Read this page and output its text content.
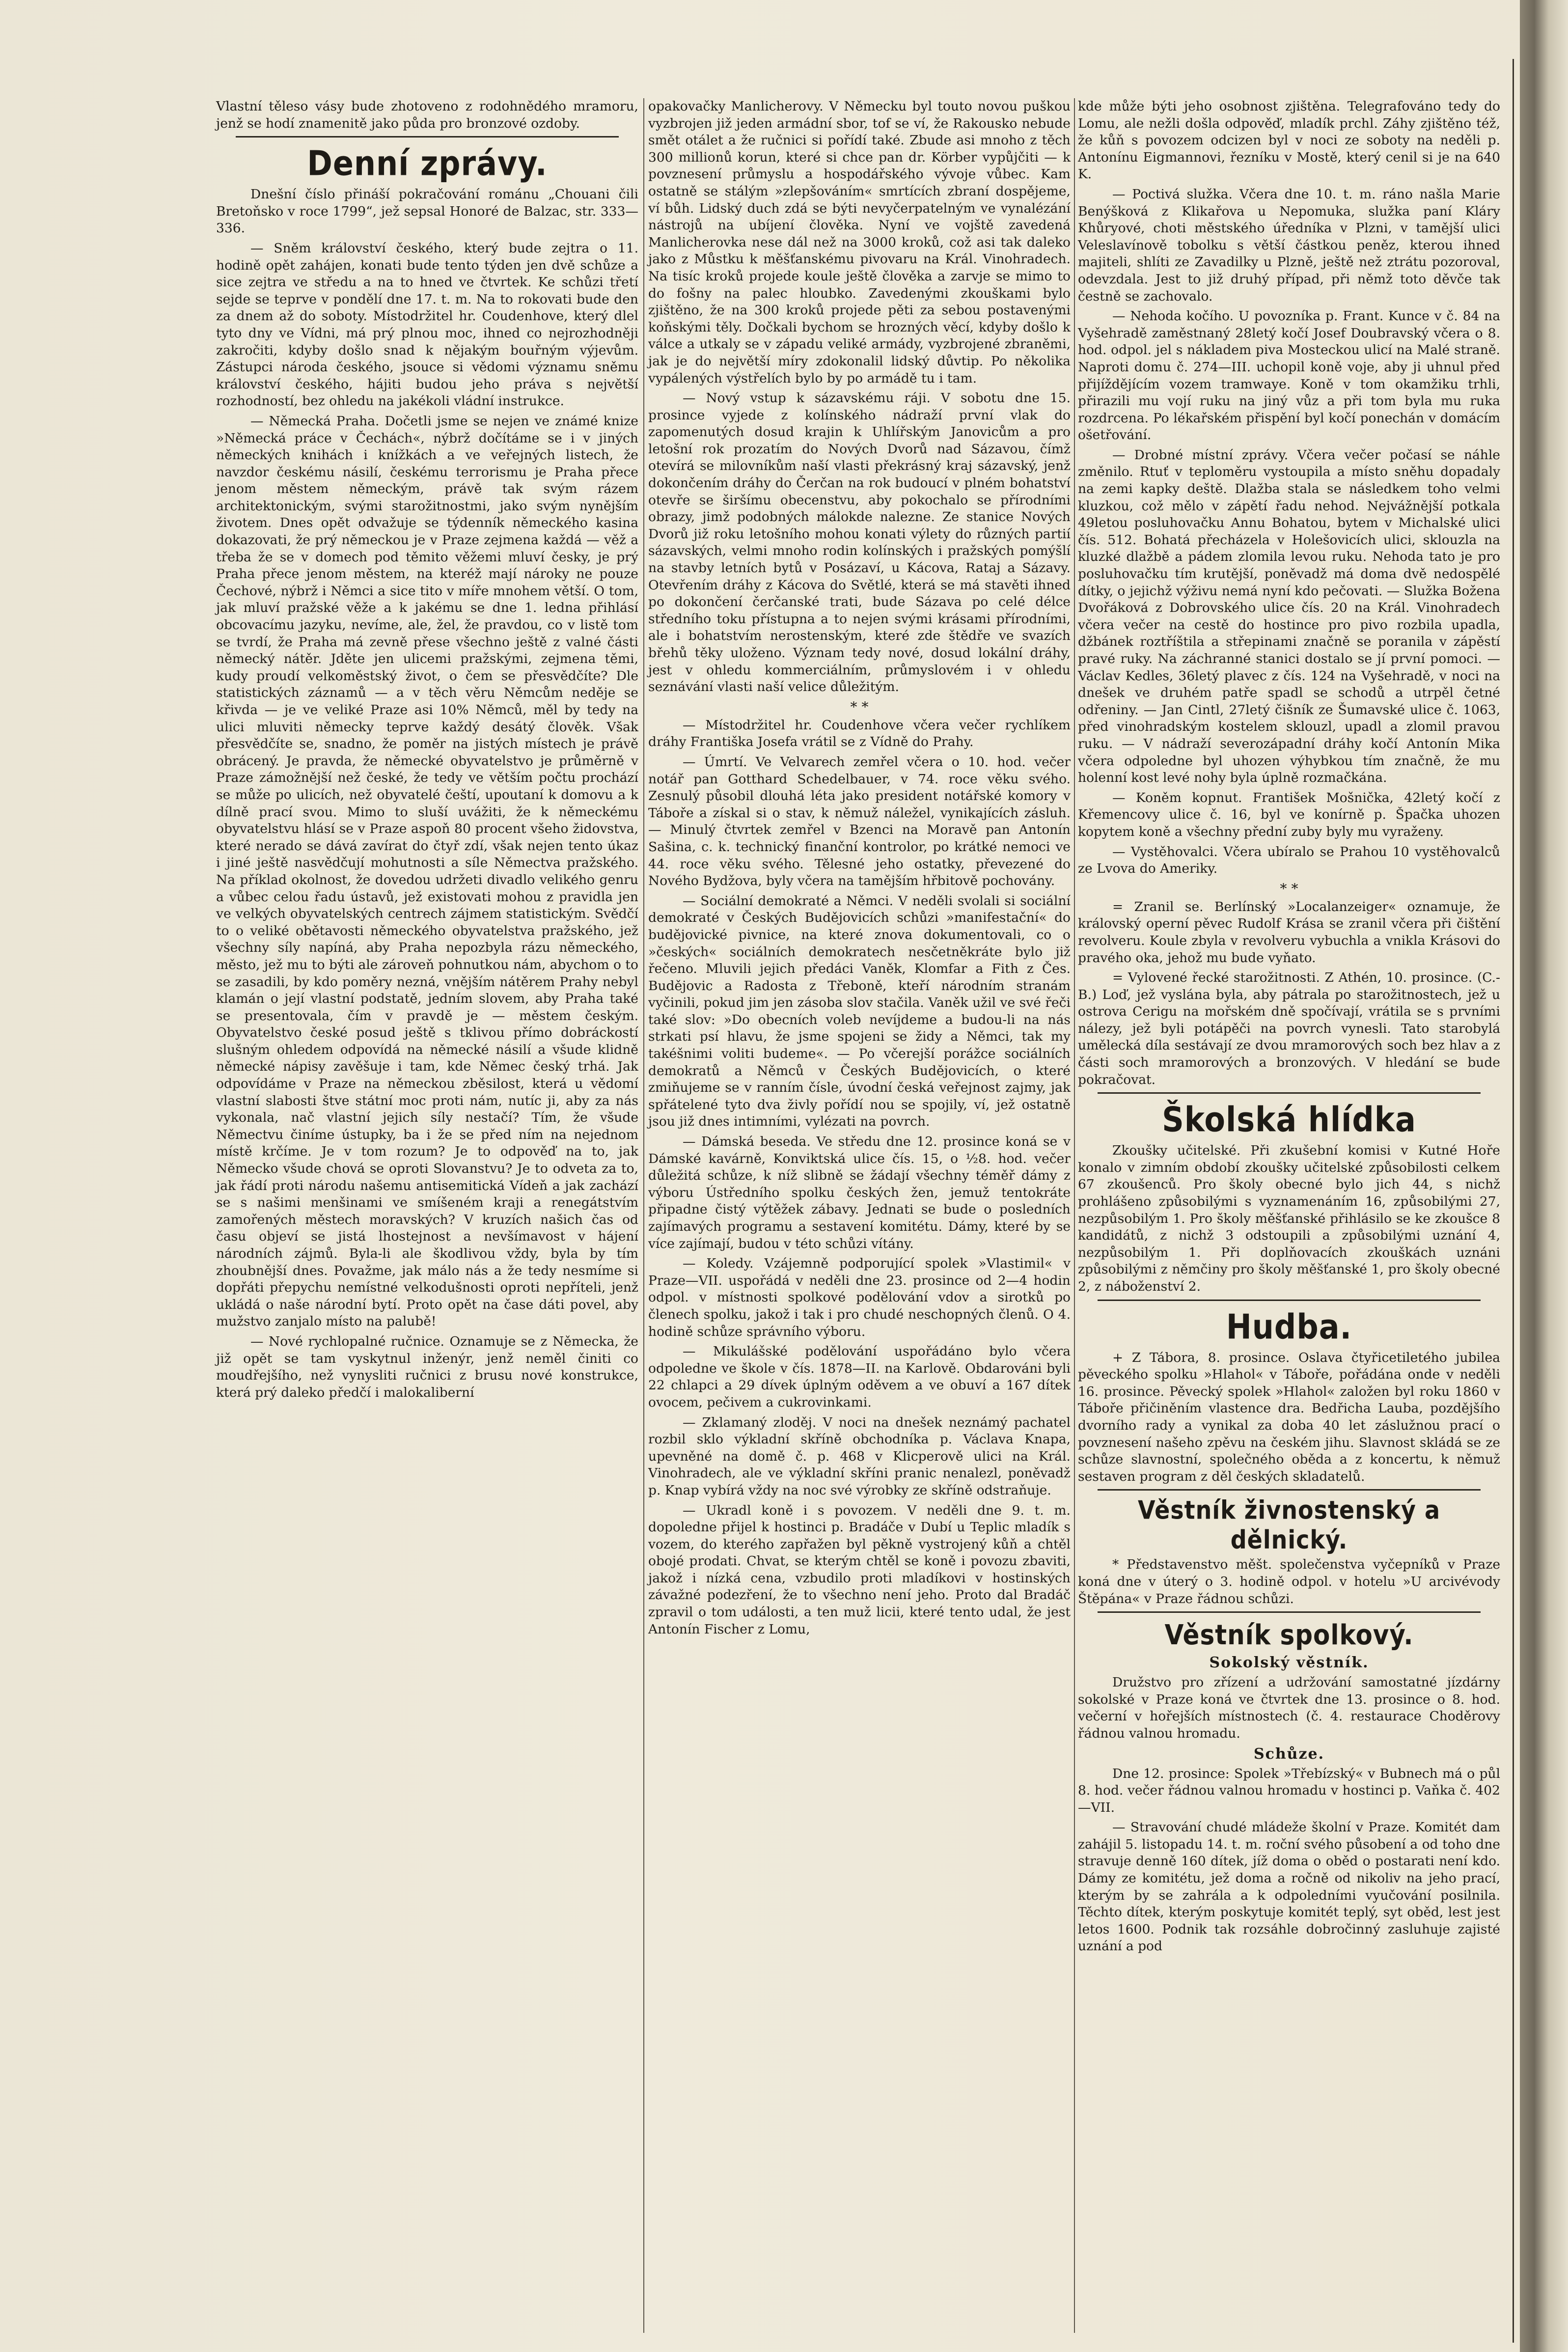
Vlastní těleso vásy bude zhotoveno z rodohnědého mramoru, jenž se hodí znamenitě jako půda pro bronzové ozdoby.

Denní zprávy.

Dnešní číslo přináší pokračování románu „Chouani čili Bretoňsko v roce 1799“, jež sepsal Honoré de Balzac, str. 333—336.

— Sněm království českého, který bude zejtra o 11. hodině opět zahájen, konati bude tento týden jen dvě schůze a sice zejtra ve středu a na to hned ve čtvrtek. Ke schůzi třetí sejde se teprve v pondělí dne 17. t. m. Na to rokovati bude den za dnem až do soboty. Místodržitel hr. Coudenhove, který dlel tyto dny ve Vídni, má prý plnou moc, ihned co nejrozhodněji zakročiti, kdyby došlo snad k nějakým bouřným výjevům. Zástupci národa českého, jsouce si vědomi významu sněmu království českého, hájiti budou jeho práva s největší rozhodností, bez ohledu na jakékoli vládní instrukce.

— Německá Praha. Dočetli jsme se nejen ve známé knize »Německá práce v Čechách«, nýbrž dočítáme se i v jiných německých knihách i knížkách a ve veřejných listech, že navzdor českému násilí, českému terrorismu je Praha přece jenom městem německým, právě tak svým rázem architektonickým, svými starožitnostmi, jako svým nynějším životem. Dnes opět odvažuje se týdenník německého kasina dokazovati, že prý německou je v Praze zejmena každá — věž a třeba že se v domech pod těmito věžemi mluví česky, je prý Praha přece jenom městem, na kteréž mají nároky ne pouze Čechové, nýbrž i Němci a sice tito v míře mnohem větší. O tom, jak mluví pražské věže a k jakému se dne 1. ledna přihlásí obcovacímu jazyku, nevíme, ale, žel, že pravdou, co v listě tom se tvrdí, že Praha má zevně přese všechno ještě z valné části německý nátěr. Jděte jen ulicemi pražskými, zejmena těmi, kudy proudí velkoměstský život, o čem se přesvědčíte? Dle statistických záznamů — a v těch věru Němcům neděje se křivda — je ve veliké Praze asi 10% Němců, měl by tedy na ulici mluviti německy teprve každý desátý člověk. Však přesvědčíte se, snadno, že poměr na jistých místech je právě obrácený. Je pravda, že německé obyvatelstvo je průměrně v Praze zámožnější než české, že tedy ve větším počtu prochází se může po ulicích, než obyvatelé čeští, upoutaní k domovu a k dílně prací svou. Mimo to sluší uvážiti, že k německému obyvatelstvu hlásí se v Praze aspoň 80 procent všeho židovstva, které nerado se dává zavírat do čtyř zdí, však nejen tento úkaz i jiné ještě nasvědčují mohutnosti a síle Němectva pražského. Na příklad okolnost, že dovedou udržeti divadlo velikého genru a vůbec celou řadu ústavů, jež existovati mohou z pravidla jen ve velkých obyvatelských centrech zájmem statistickým. Svědčí to o veliké obětavosti německého obyvatelstva pražského, jež všechny síly napíná, aby Praha nepozbyla rázu německého, město, jež mu to býti ale zároveň pohnutkou nám, abychom o to se zasadili, by kdo poměry nezná, vnějším nátěrem Prahy nebyl klamán o její vlastní podstatě, jedním slovem, aby Praha také se presentovala, čím v pravdě je — městem českým. Obyvatelstvo české posud ještě s tklivou přímo dobráckostí slušným ohledem odpovídá na německé násilí a všude klidně německé nápisy zavěšuje i tam, kde Němec český trhá. Jak odpovídáme v Praze na německou zběsilost, která u vědomí vlastní slabosti štve státní moc proti nám, nutíc ji, aby za nás vykonala, nač vlastní jejich síly nestačí? Tím, že všude Němectvu činíme ústupky, ba i že se před ním na nejednom místě krčíme. Je v tom rozum? Je to odpověď na to, jak Německo všude chová se oproti Slovanstvu? Je to odveta za to, jak řádí proti národu našemu antisemitická Vídeň a jak zachází se s našimi menšinami ve smíšeném kraji a renegátstvím zamořených městech moravských? V kruzích našich čas od času objeví se jistá lhostejnost a nevšímavost v hájení národních zájmů. Byla-li ale škodlivou vždy, byla by tím zhoubnější dnes. Považme, jak málo nás a že tedy nesmíme si dopřáti přepychu nemístné velkodušnosti oproti nepříteli, jenž ukládá o naše národní bytí. Proto opět na čase dáti povel, aby mužstvo zanjalo místo na palubě!

— Nové rychlopalné ručnice. Oznamuje se z Německa, že již opět se tam vyskytnul inženýr, jenž neměl činiti co moudřejšího, než vynysliti ručnici z brusu nové konstrukce, která prý daleko předčí i malokaliberní

opakovačky Manlicherovy. V Německu byl touto novou puškou vyzbrojen již jeden armádní sbor, tof se ví, že Rakousko nebude smět otálet a že ručnici si pořídí také. Zbude asi mnoho z těch 300 millionů korun, které si chce pan dr. Körber vypůjčiti — k povznesení průmyslu a hospodářského vývoje vůbec. Kam ostatně se stálým »zlepšováním« smrtících zbraní dospějeme, ví bůh. Lidský duch zdá se býti nevyčerpatelným ve vynalézání nástrojů na ubíjení člověka. Nyní ve vojště zavedená Manlicherovka nese dál než na 3000 kroků, což asi tak daleko jako z Můstku k měšťanskému pivovaru na Král. Vinohradech. Na tisíc kroků projede koule ještě člověka a zarvje se mimo to do fošny na palec hloubko. Zavedenými zkouškami bylo zjištěno, že na 300 kroků projede pěti za sebou postavenými koňskými těly. Dočkali bychom se hrozných věcí, kdyby došlo k válce a utkaly se v západu veliké armády, vyzbrojené zbraněmi, jak je do největší míry zdokonalil lidský důvtip. Po několika vypálených výstřelích bylo by po armádě tu i tam.

— Nový vstup k sázavskému ráji. V sobotu dne 15. prosince vyjede z kolínského nádraží první vlak do zapomenutých dosud krajin k Uhlířským Janovicům a pro letošní rok prozatím do Nových Dvorů nad Sázavou, čímž otevírá se milovníkům naší vlasti překrásný kraj sázavský, jenž dokončením dráhy do Čerčan na rok budoucí v plném bohatství otevře se širšímu obecenstvu, aby pokochalo se přírodními obrazy, jimž podobných málokde nalezne. Ze stanice Nových Dvorů již roku letošního mohou konati výlety do různých partií sázavských, velmi mnoho rodin kolínských i pražských pomýšlí na stavby letních bytů v Posázaví, u Kácova, Rataj a Sázavy. Otevřením dráhy z Kácova do Světlé, která se má stavěti ihned po dokončení čerčanské trati, bude Sázava po celé délce středního toku přístupna a to nejen svými krásami přírodními, ale i bohatstvím nerostenským, které zde štědře ve svazích břehů těky uloženo. Význam tedy nové, dosud lokální dráhy, jest v ohledu kommerciálním, průmyslovém i v ohledu seznávání vlasti naší velice důležitým.

* *

— Místodržitel hr. Coudenhove včera večer rychlíkem dráhy Františka Josefa vrátil se z Vídně do Prahy.

— Úmrtí. Ve Velvarech zemřel včera o 10. hod. večer notář pan Gotthard Schedelbauer, v 74. roce věku svého. Zesnulý působil dlouhá léta jako president notářské komory v Táboře a získal si o stav, k němuž náležel, vynikajících zásluh. — Minulý čtvrtek zemřel v Bzenci na Moravě pan Antonín Sašina, c. k. technický finanční kontrolor, po krátké nemoci ve 44. roce věku svého. Tělesné jeho ostatky, převezené do Nového Bydžova, byly včera na tamějším hřbitově pochovány.

— Sociální demokraté a Němci. V neděli svolali si sociální demokraté v Českých Budějovicích schůzi »manifestační« do budějovické pivnice, na které znova dokumentovali, co o »českých« sociálních demokratech nesčetněkráte bylo již řečeno. Mluvili jejich předáci Vaněk, Klomfar a Fith z Čes. Budějovic a Radosta z Třeboně, kteří národním stranám vyčinili, pokud jim jen zásoba slov stačila. Vaněk užil ve své řeči také slov: »Do obecních voleb nevíjdeme a budou-li na nás strkati psí hlavu, že jsme spojeni se židy a Němci, tak my takéšnimi voliti budeme«. — Po včerejší porážce sociálních demokratů a Němců v Českých Budějovicích, o které zmiňujeme se v ranním čísle, úvodní česká veřejnost zajmy, jak spřátelené tyto dva živly pořídí nou se spojily, ví, jež ostatně jsou již dnes intimními, vylézati na povrch.

— Dámská beseda. Ve středu dne 12. prosince koná se v Dámské kavárně, Konviktská ulice čís. 15, o ½8. hod. večer důležitá schůze, k níž slibně se žádají všechny téměř dámy z výboru Ústředního spolku českých žen, jemuž tentokráte připadne čistý výtěžek zábavy. Jednati se bude o posledních zajímavých programu a sestavení komitétu. Dámy, které by se více zajímají, budou v této schůzi vítány.

— Koledy. Vzájemně podporující spolek »Vlastimil« v Praze—VII. uspořádá v neděli dne 23. prosince od 2—4 hodin odpol. v místnosti spolkové podělování vdov a sirotků po členech spolku, jakož i tak i pro chudé neschopných členů. O 4. hodině schůze správního výboru.

— Mikulášské podělování uspořádáno bylo včera odpoledne ve škole v čís. 1878—II. na Karlově. Obdarováni byli 22 chlapci a 29 dívek úplným oděvem a ve obuví a 167 dítek ovocem, pečivem a cukrovinkami.

— Zklamaný zloděj. V noci na dnešek neznámý pachatel rozbil sklo výkladní skříně obchodníka p. Václava Knapa, upevněné na domě č. p. 468 v Klicperově ulici na Král. Vinohradech, ale ve výkladní skříni pranic nenalezl, poněvadž p. Knap vybírá vždy na noc své výrobky ze skříně odstraňuje.

— Ukradl koně i s povozem. V neděli dne 9. t. m. dopoledne přijel k hostinci p. Bradáče v Dubí u Teplic mladík s vozem, do kterého zapřažen byl pěkně vystrojený kůň a chtěl obojé prodati. Chvat, se kterým chtěl se koně i povozu zbaviti, jakož i nízká cena, vzbudilo proti mladíkovi v hostinských závažné podezření, že to všechno není jeho. Proto dal Bradáč zpravil o tom události, a ten muž licii, které tento udal, že jest Antonín Fischer z Lomu,

kde může býti jeho osobnost zjištěna. Telegrafováno tedy do Lomu, ale nežli došla odpověď, mladík prchl. Záhy zjištěno též, že kůň s povozem odcizen byl v noci ze soboty na neděli p. Antonínu Eigmannovi, řezníku v Mostě, který cenil si je na 640 K.

— Poctivá služka. Včera dne 10. t. m. ráno našla Marie Benýšková z Klikařova u Nepomuka, služka paní Kláry Khůryové, choti městského úředníka v Plzni, v tamější ulici Veleslavínově tobolku s větší částkou peněz, kterou ihned majiteli, shlíti ze Zavadilky u Plzně, ještě než ztrátu pozoroval, odevzdala. Jest to již druhý případ, při němž toto děvče tak čestně se zachovalo.

— Nehoda kočího. U povozníka p. Frant. Kunce v č. 84 na Vyšehradě zaměstnaný 28letý kočí Josef Doubravský včera o 8. hod. odpol. jel s nákladem piva Mosteckou ulicí na Malé straně. Naproti domu č. 274—III. uchopil koně voje, aby ji uhnul před přijíždějícím vozem tramwaye. Koně v tom okamžiku trhli, přirazili mu vojí ruku na jiný vůz a při tom byla mu ruka rozdrcena. Po lékařském přispění byl kočí ponechán v domácím ošetřování.

— Drobné místní zprávy. Včera večer počasí se náhle změnilo. Rtuť v teploměru vystoupila a místo sněhu dopadaly na zemi kapky deště. Dlažba stala se následkem toho velmi kluzkou, což mělo v zápětí řadu nehod. Nejvážnější potkala 49letou posluhovačku Annu Bohatou, bytem v Michalské ulici čís. 512. Bohatá přecházela v Holešovicích ulici, sklouzla na kluzké dlažbě a pádem zlomila levou ruku. Nehoda tato je pro posluhovačku tím krutější, poněvadž má doma dvě nedospělé dítky, o jejichž výživu nemá nyní kdo pečovati. — Služka Božena Dvořáková z Dobrovského ulice čís. 20 na Král. Vinohradech včera večer na cestě do hostince pro pivo rozbila upadla, džbánek roztříštila a střepinami značně se poranila v zápěstí pravé ruky. Na záchranné stanici dostalo se jí první pomoci. — Václav Kedles, 36letý plavec z čís. 124 na Vyšehradě, v noci na dnešek ve druhém patře spadl se schodů a utrpěl četné odřeniny. — Jan Cintl, 27letý čišník ze Šumavské ulice č. 1063, před vinohradským kostelem sklouzl, upadl a zlomil pravou ruku. — V nádraží severozápadní dráhy kočí Antonín Mika včera odpoledne byl uhozen výhybkou tím značně, že mu holenní kost levé nohy byla úplně rozmačkána.

— Koněm kopnut. František Mošnička, 42letý kočí z Křemencovy ulice č. 16, byl ve konírně p. Špačka uhozen kopytem koně a všechny přední zuby byly mu vyraženy.

— Vystěhovalci. Včera ubíralo se Prahou 10 vystěhovalců ze Lvova do Ameriky.

* *

= Zranil se. Berlínský »Localanzeiger« oznamuje, že královský operní pěvec Rudolf Krása se zranil včera při čištění revolveru. Koule zbyla v revolveru vybuchla a vnikla Krásovi do pravého oka, jehož mu bude vyňato.

= Vylovené řecké starožitnosti. Z Athén, 10. prosince. (C.-B.) Loď, jež vyslána byla, aby pátrala po starožitnostech, jež u ostrova Cerigu na mořském dně spočívají, vrátila se s prvními nálezy, jež byli potápěči na povrch vynesli. Tato starobylá umělecká díla sestávají ze dvou mramorových soch bez hlav a z části soch mramorových a bronzových. V hledání se bude pokračovat.

Školská hlídka

Zkoušky učitelské. Při zkušební komisi v Kutné Hoře konalo v zimním období zkoušky učitelské způsobilosti celkem 67 zkoušenců. Pro školy obecné bylo jich 44, s nichž prohlášeno způsobilými s vyznamenáním 16, způsobilými 27, nezpůsobilým 1. Pro školy měšťanské přihlásilo se ke zkoušce 8 kandidátů, z nichž 3 odstoupili a způsobilými uznání 4, nezpůsobilým 1. Při doplňovacích zkouškách uznáni způsobilými z němčiny pro školy měšťanské 1, pro školy obecné 2, z náboženství 2.

Hudba.

+ Z Tábora, 8. prosince. Oslava čtyřicetiletého jubilea pěveckého spolku »Hlahol« v Táboře, pořádána onde v neděli 16. prosince. Pěvecký spolek »Hlahol« založen byl roku 1860 v Táboře přičiněním vlastence dra. Bedřicha Lauba, pozdějšího dvorního rady a vynikal za doba 40 let záslužnou prací o povznesení našeho zpěvu na českém jihu. Slavnost skládá se ze schůze slavnostní, společného oběda a z koncertu, k němuž sestaven program z děl českých skladatelů.

Věstník živnostenský a dělnický.

* Představenstvo měšt. společenstva vyčepníků v Praze koná dne v úterý o 3. hodině odpol. v hotelu »U arcivévody Štěpána« v Praze řádnou schůzi.

Věstník spolkový.
Sokolský věstník.

Družstvo pro zřízení a udržování samostatné jízdárny sokolské v Praze koná ve čtvrtek dne 13. prosince o 8. hod. večerní v hořejších místnostech (č. 4. restaurace Choděrovy řádnou valnou hromadu.

Schůze.

Dne 12. prosince: Spolek »Třebízský« v Bubnech má o půl 8. hod. večer řádnou valnou hromadu v hostinci p. Vaňka č. 402—VII.

— Stravování chudé mládeže školní v Praze. Komitét dam zahájil 5. listopadu 14. t. m. roční svého působení a od toho dne stravuje denně 160 dítek, jíž doma o oběd o postarati není kdo. Dámy ze komitétu, jež doma a ročně od nikoliv na jeho prací, kterým by se zahrála a k odpoledními vyučování posilnila. Těchto dítek, kterým poskytuje komitét teplý, syt oběd, lest jest letos 1600. Podnik tak rozsáhle dobročinný zasluhuje zajisté uznání a pod
